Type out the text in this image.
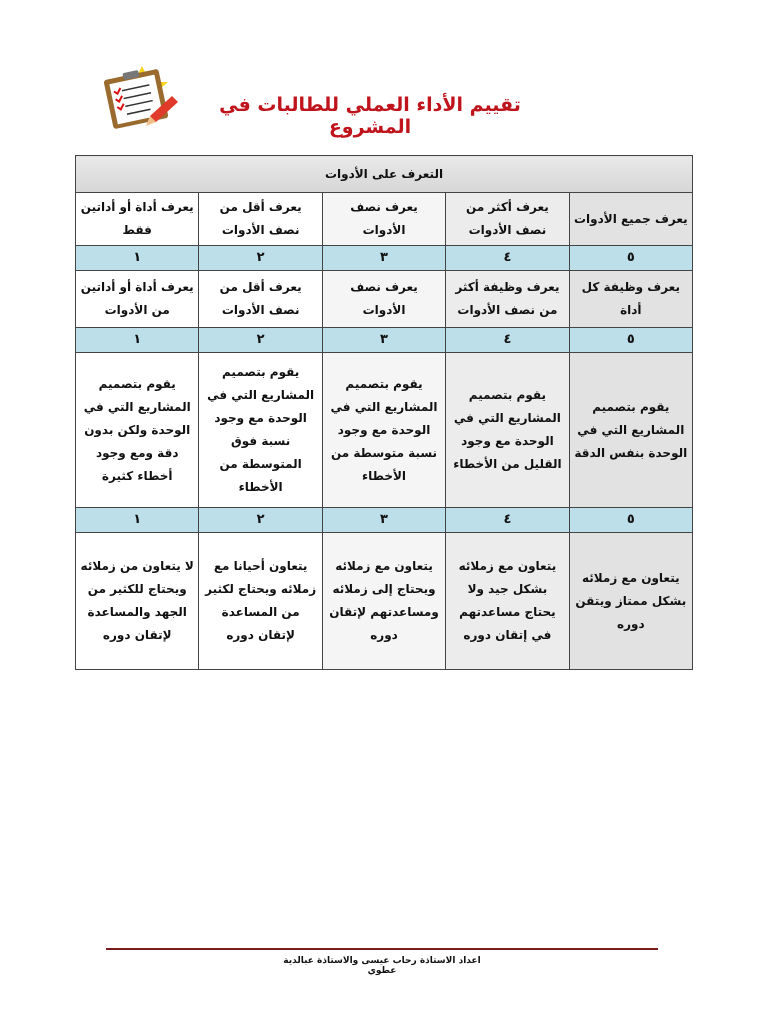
تقييم الأداء العملي للطالبات في المشروع
التعرف على الأدوات				
يعرف جميع الأدوات	يعرف أكثر من نصف الأدوات	يعرف نصف الأدوات	يعرف أقل من نصف الأدوات	يعرف أداة أو أداتين فقط
٥	٤	٣	٢	١
يعرف وظيفة كل أداة	يعرف وظيفة أكثر من نصف الأدوات	يعرف نصف الأدوات	يعرف أقل من نصف الأدوات	يعرف أداة أو أداتين من الأدوات
٥	٤	٣	٢	١
يقوم بتصميم المشاريع التي في الوحدة بنفس الدقة	يقوم بتصميم المشاريع التي في الوحدة مع وجود القليل من الأخطاء	يقوم بتصميم المشاريع التي في الوحدة مع وجود نسبة متوسطة من الأخطاء	يقوم بتصميم المشاريع التي في الوحدة مع وجود نسبة فوق المتوسطة من الأخطاء	يقوم بتصميم المشاريع التي في الوحدة ولكن بدون دقة ومع وجود أخطاء كثيرة
٥	٤	٣	٢	١
يتعاون مع زملائه بشكل ممتاز ويتقن دوره	يتعاون مع زملائه بشكل جيد ولا يحتاج مساعدتهم في إتقان دوره	يتعاون مع زملائه ويحتاج إلى زملائه ومساعدتهم لإتقان دوره	يتعاون أحيانا مع زملائه ويحتاج لكثير من المساعدة لإتقان دوره	لا يتعاون من زملائه ويحتاج للكثير من الجهد والمساعدة لإتقان دوره
اعداد الاستاذة رحاب عيسى والاستاذة عبالدية عطوي
